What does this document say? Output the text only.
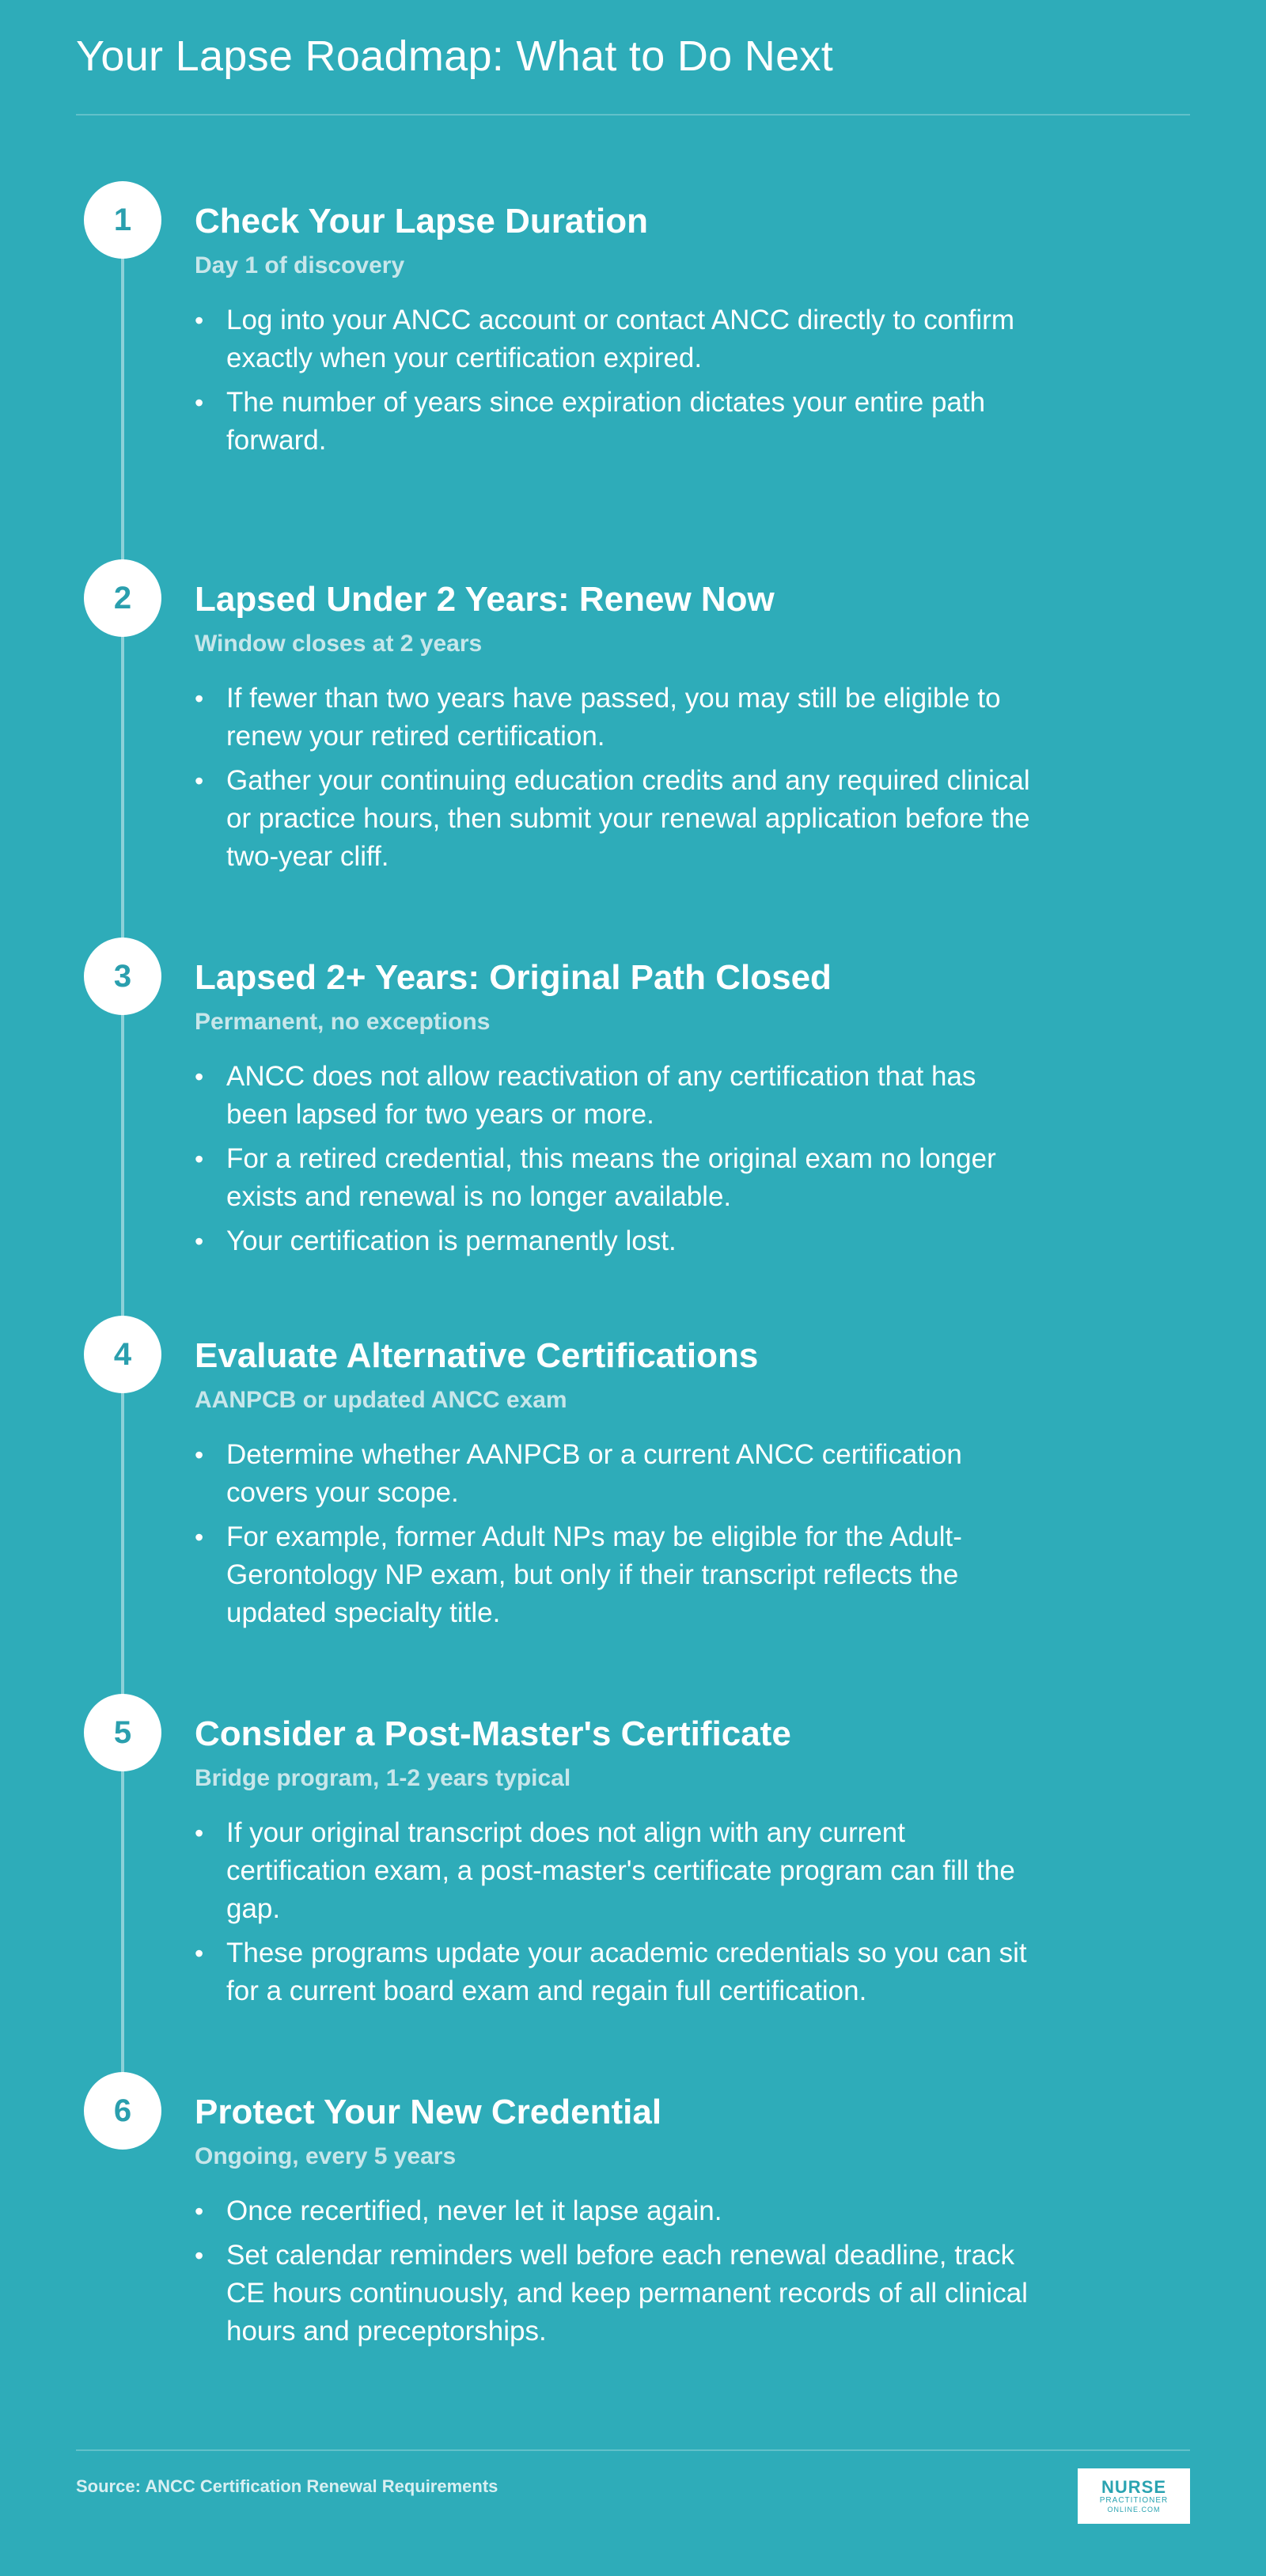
Your Lapse Roadmap: What to Do Next
1	Check Your Lapse Duration
Day 1 of discovery
• Log into your ANCC account or contact ANCC directly to confirm exactly when your certification expired.
• The number of years since expiration dictates your entire path forward.
2	Lapsed Under 2 Years: Renew Now
Window closes at 2 years
• If fewer than two years have passed, you may still be eligible to renew your retired certification.
• Gather your continuing education credits and any required clinical or practice hours, then submit your renewal application before the two-year cliff.
3	Lapsed 2+ Years: Original Path Closed
Permanent, no exceptions
• ANCC does not allow reactivation of any certification that has been lapsed for two years or more.
• For a retired credential, this means the original exam no longer exists and renewal is no longer available.
• Your certification is permanently lost.
4	Evaluate Alternative Certifications
AANPCB or updated ANCC exam
• Determine whether AANPCB or a current ANCC certification covers your scope.
• For example, former Adult NPs may be eligible for the Adult-Gerontology NP exam, but only if their transcript reflects the updated specialty title.
5	Consider a Post-Master's Certificate
Bridge program, 1-2 years typical
• If your original transcript does not align with any current certification exam, a post-master's certificate program can fill the gap.
• These programs update your academic credentials so you can sit for a current board exam and regain full certification.
6	Protect Your New Credential
Ongoing, every 5 years
• Once recertified, never let it lapse again.
• Set calendar reminders well before each renewal deadline, track CE hours continuously, and keep permanent records of all clinical hours and preceptorships.
Source: ANCC Certification Renewal Requirements	NURSE
PRACTITIONER
ONLINE.COM
